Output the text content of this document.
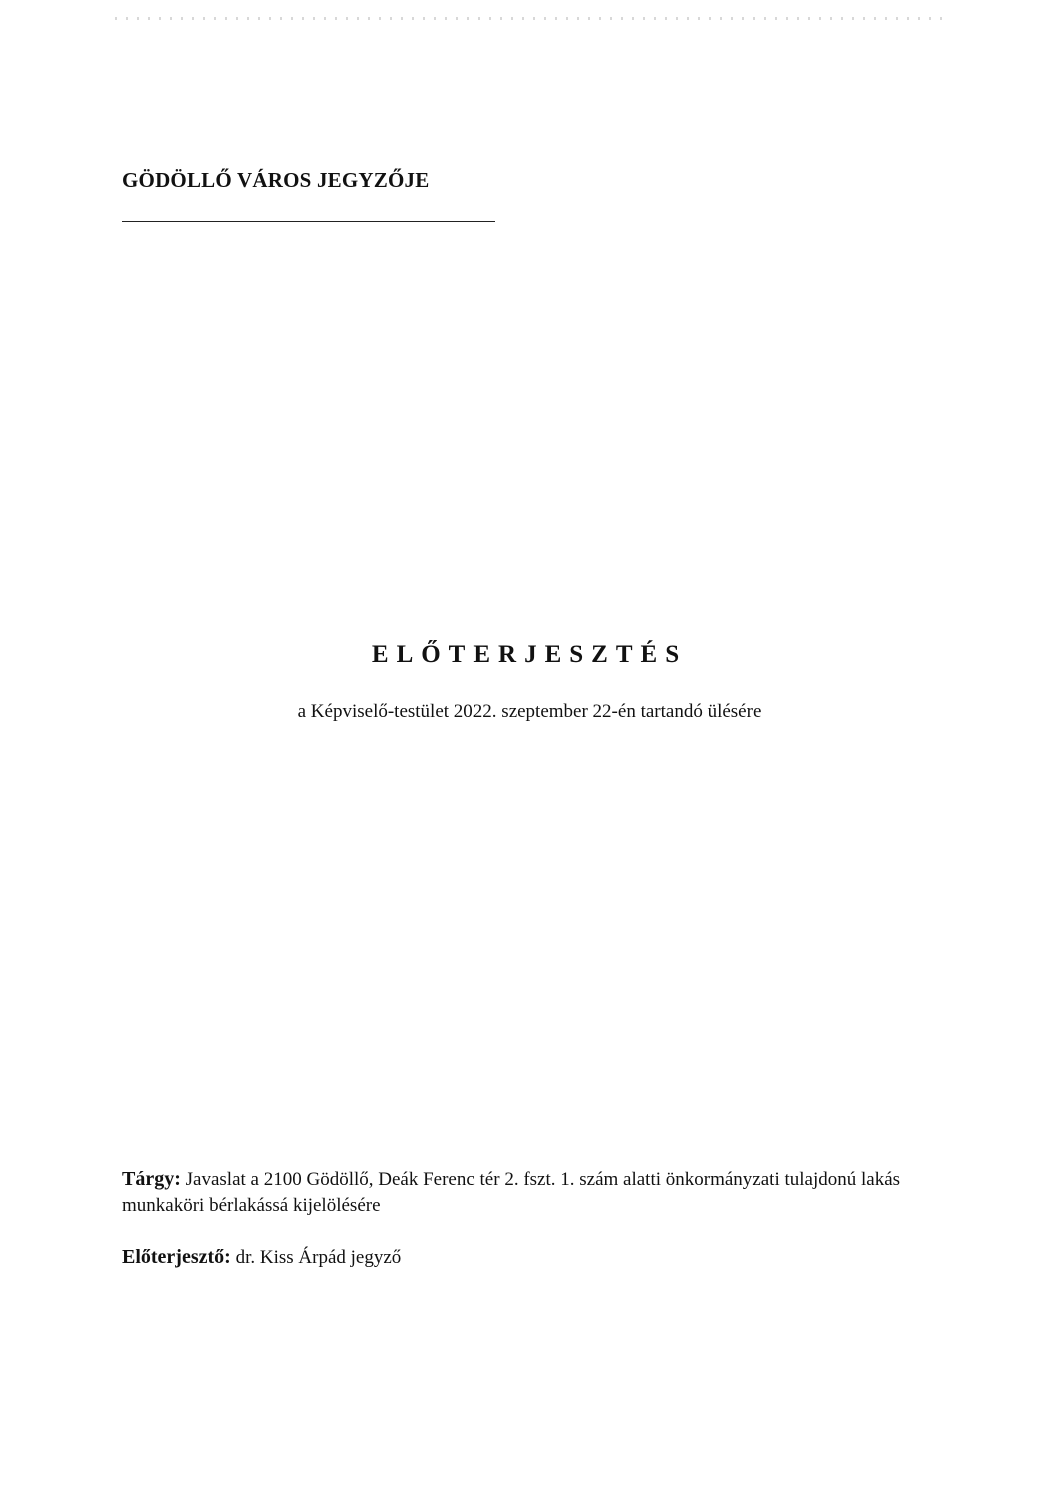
GÖDÖLLŐ VÁROS JEGYZŐJE
ELŐTERJESZTÉS
a Képviselő-testület 2022. szeptember 22-én tartandó ülésére
Tárgy: Javaslat a 2100 Gödöllő, Deák Ferenc tér 2. fszt. 1. szám alatti önkormányzati tulajdonú lakás munkaköri bérlakássá kijelölésére
Előterjesztő: dr. Kiss Árpád jegyző
